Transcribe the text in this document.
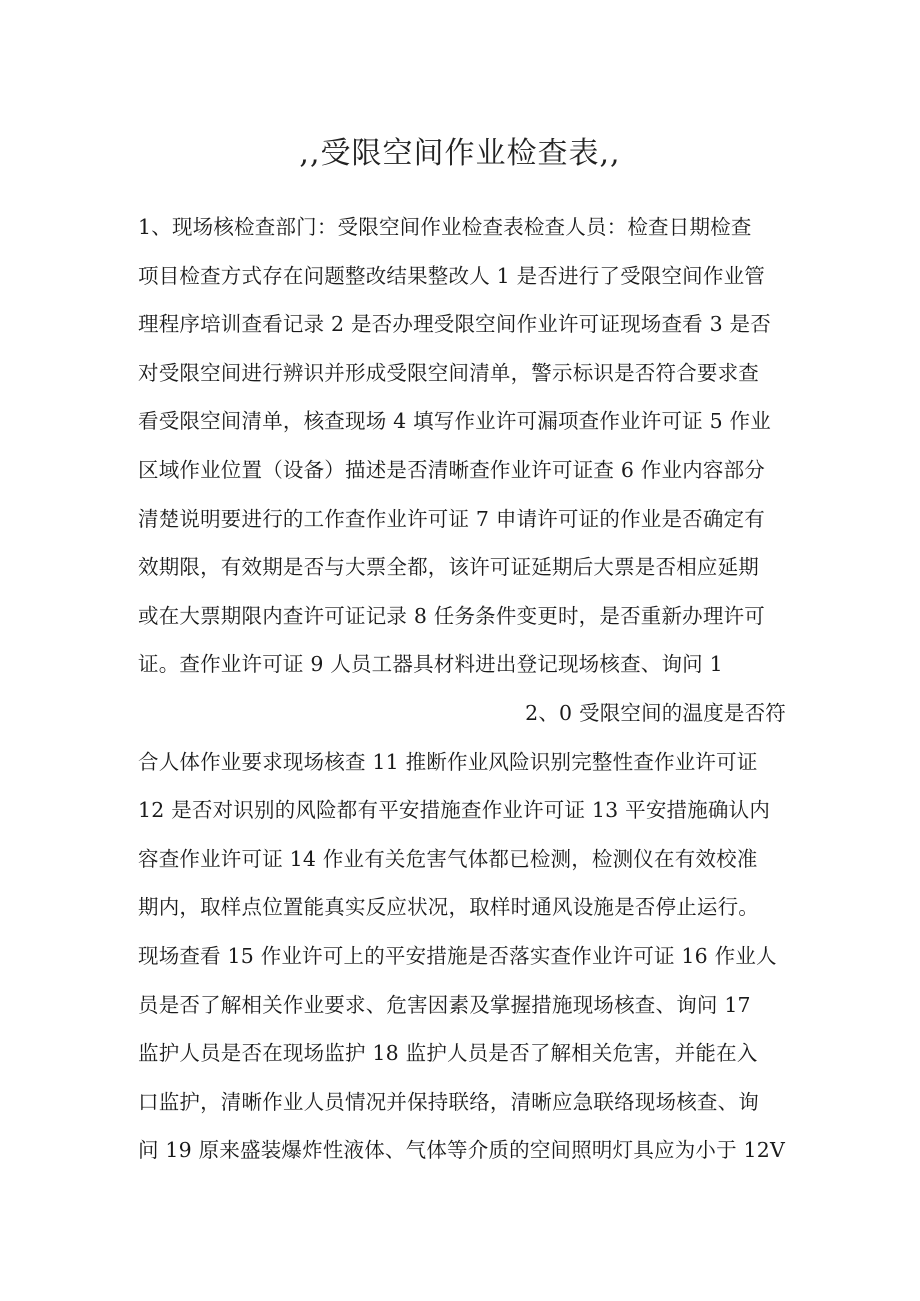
,,受限空间作业检查表,,
1、现场核检查部门：受限空间作业检查表检查人员：检查日期检查
项目检查方式存在问题整改结果整改人 1 是否进行了受限空间作业管
理程序培训查看记录 2 是否办理受限空间作业许可证现场查看 3 是否
对受限空间进行辨识并形成受限空间清单，警示标识是否符合要求查
看受限空间清单，核查现场 4 填写作业许可漏项查作业许可证 5 作业
区域作业位置（设备）描述是否清晰查作业许可证查 6 作业内容部分
清楚说明要进行的工作查作业许可证 7 申请许可证的作业是否确定有
效期限，有效期是否与大票全都，该许可证延期后大票是否相应延期
或在大票期限内查许可证记录 8 任务条件变更时，是否重新办理许可
证。查作业许可证 9 人员工器具材料进出登记现场核查、询问 1
2、0 受限空间的温度是否符
合人体作业要求现场核查 11 推断作业风险识别完整性查作业许可证
12 是否对识别的风险都有平安措施查作业许可证 13 平安措施确认内
容查作业许可证 14 作业有关危害气体都已检测，检测仪在有效校准
期内，取样点位置能真实反应状况，取样时通风设施是否停止运行。
现场查看 15 作业许可上的平安措施是否落实查作业许可证 16 作业人
员是否了解相关作业要求、危害因素及掌握措施现场核查、询问 17
监护人员是否在现场监护 18 监护人员是否了解相关危害，并能在入
口监护，清晰作业人员情况并保持联络，清晰应急联络现场核查、询
问 19 原来盛装爆炸性液体、气体等介质的空间照明灯具应为小于 12V
